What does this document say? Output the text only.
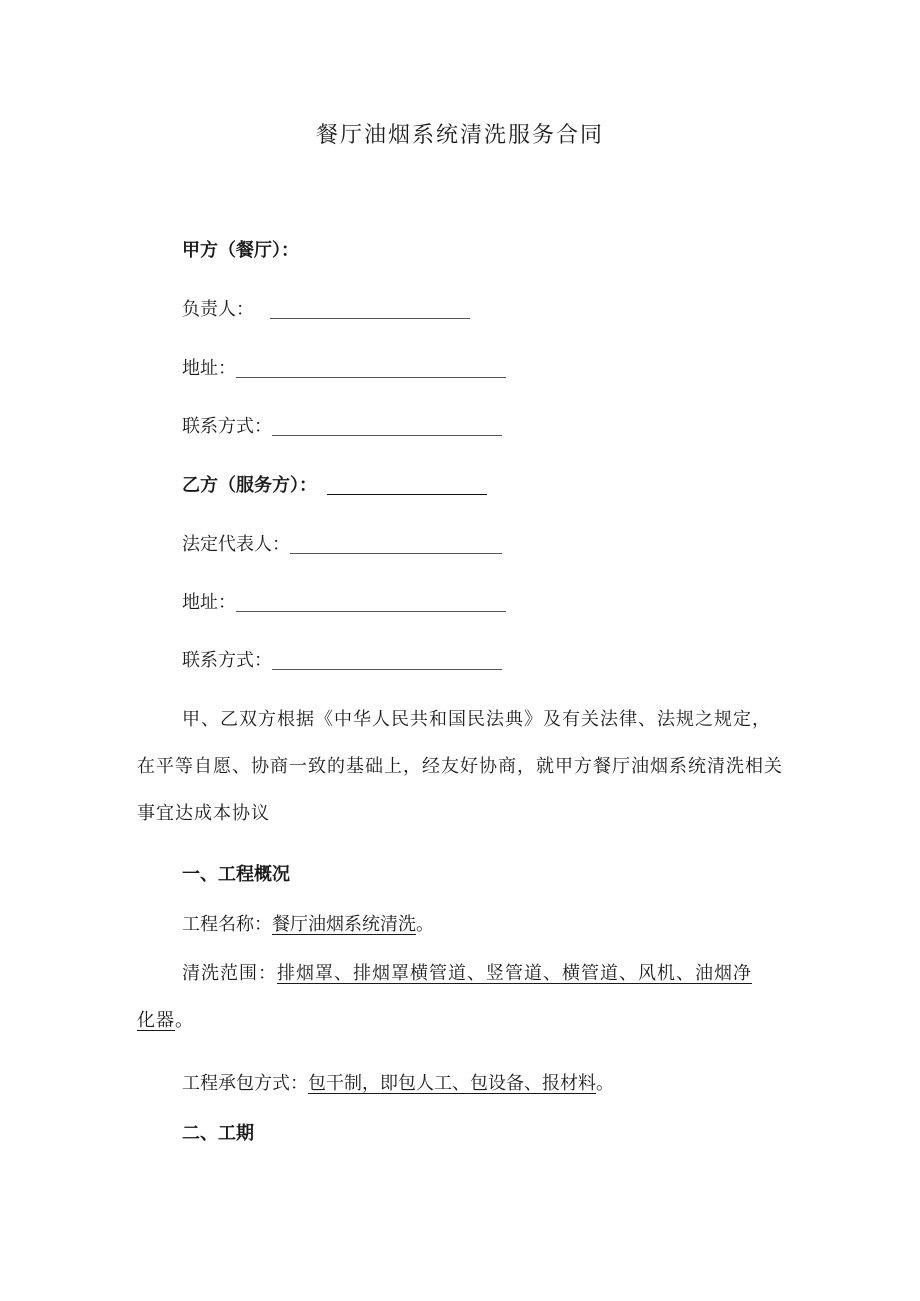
餐厅油烟系统清洗服务合同
甲方（餐厅）：
负责人：
地址：
联系方式：
乙方（服务方）：
法定代表人：
地址：
联系方式：
甲、乙双方根据《中华人民共和国民法典》及有关法律、法规之规定，在平等自愿、协商一致的基础上，经友好协商，就甲方餐厅油烟系统清洗相关事宜达成本协议
一、工程概况
工程名称： 餐厅油烟系统清洗 。
清洗范围：排烟罩、排烟罩横管道、竖管道、横管道、风机、油烟净
化器。
工程承包方式： 包干制，即包人工、包设备、报材料 。
二、工期
